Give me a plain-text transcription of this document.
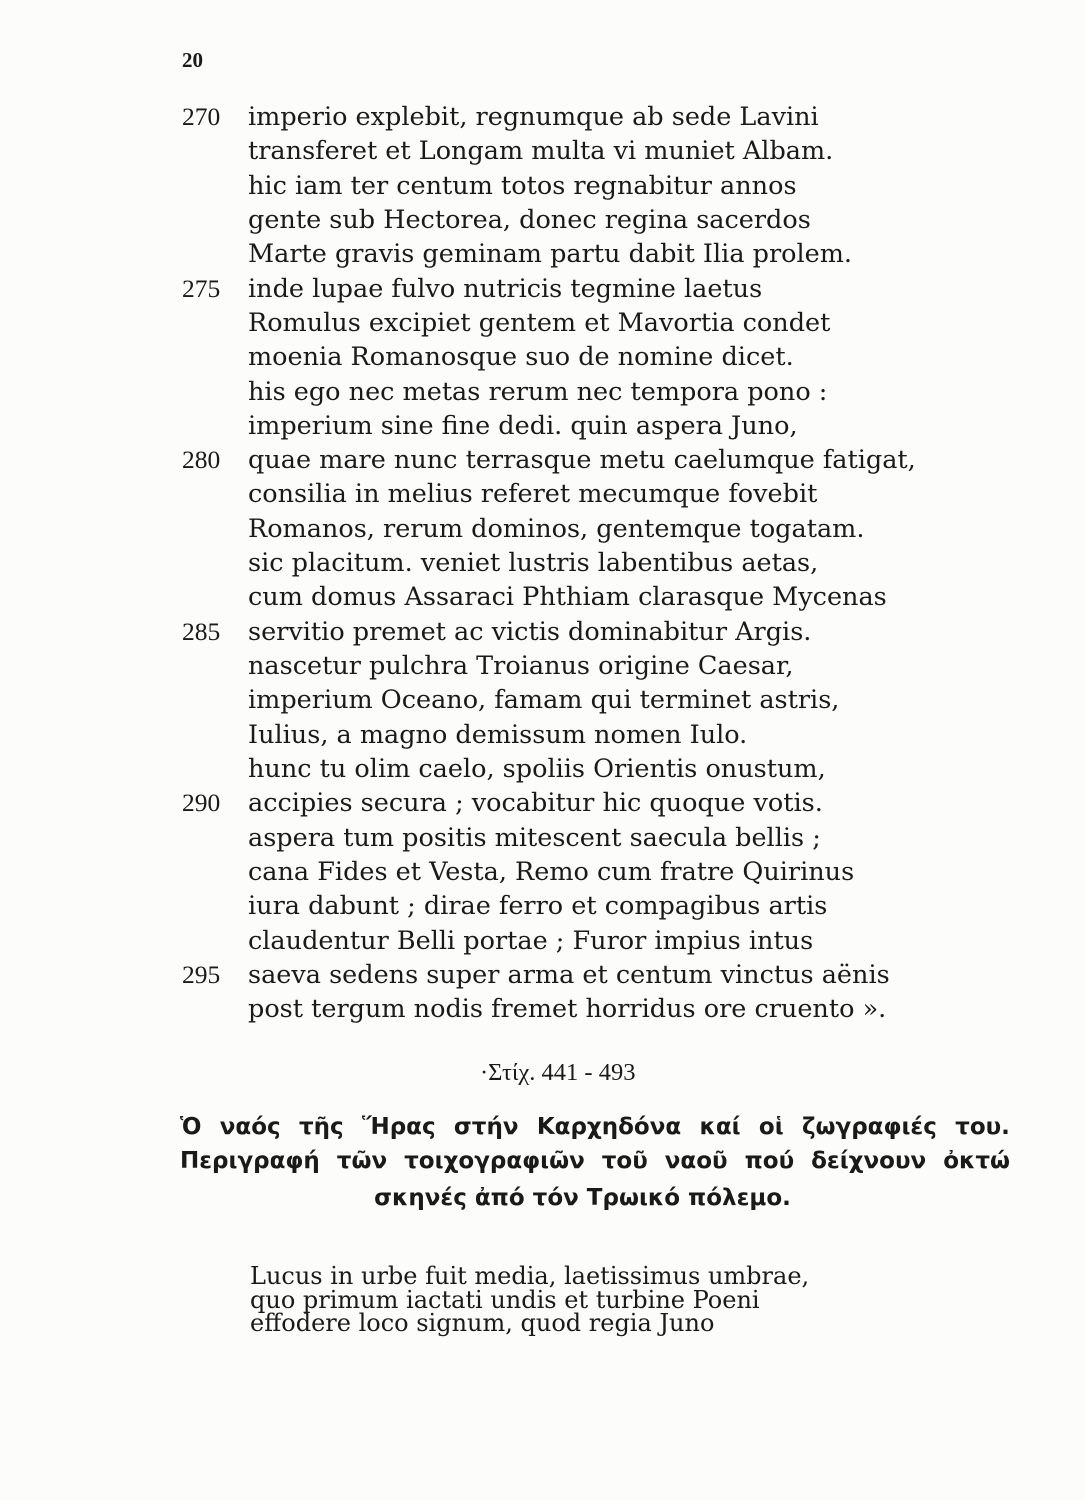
20
270 imperio explebit, regnumque ab sede Lavini
transferet et Longam multa vi muniet Albam.
hic iam ter centum totos regnabitur annos
gente sub Hectorea, donec regina sacerdos
Marte gravis geminam partu dabit Ilia prolem.
275 inde lupae fulvo nutricis tegmine laetus
Romulus excipiet gentem et Mavortia condet
moenia Romanosque suo de nomine dicet.
his ego nec metas rerum nec tempora pono :
imperium sine fine dedi. quin aspera Juno,
280 quae mare nunc terrasque metu caelumque fatigat,
consilia in melius referet mecumque fovebit
Romanos, rerum dominos, gentemque togatam.
sic placitum. veniet lustris labentibus aetas,
cum domus Assaraci Phthiam clarasque Mycenas
285 servitio premet ac victis dominabitur Argis.
nascetur pulchra Troianus origine Caesar,
imperium Oceano, famam qui terminet astris,
Iulius, a magno demissum nomen Iulo.
hunc tu olim caelo, spoliis Orientis onustum,
290 accipies secura ; vocabitur hic quoque votis.
aspera tum positis mitescent saecula bellis ;
cana Fides et Vesta, Remo cum fratre Quirinus
iura dabunt ; dirae ferro et compagibus artis
claudentur Belli portae ; Furor impius intus
295 saeva sedens super arma et centum vinctus aënis
post tergum nodis fremet horridus ore cruento ».
·Στίχ. 441 - 493
Ὁ ναός τῆς Ἥρας στήν Καρχηδόνα καί οἱ ζωγραφιές του.
Περιγραφή τῶν τοιχογραφιῶν τοῦ ναοῦ πού δείχνουν ὀκτώ
σκηνές ἀπό τόν Τρωικό πόλεμο.
Lucus in urbe fuit media, laetissimus umbrae,
quo primum iactati undis et turbine Poeni
effodere loco signum, quod regia Juno
